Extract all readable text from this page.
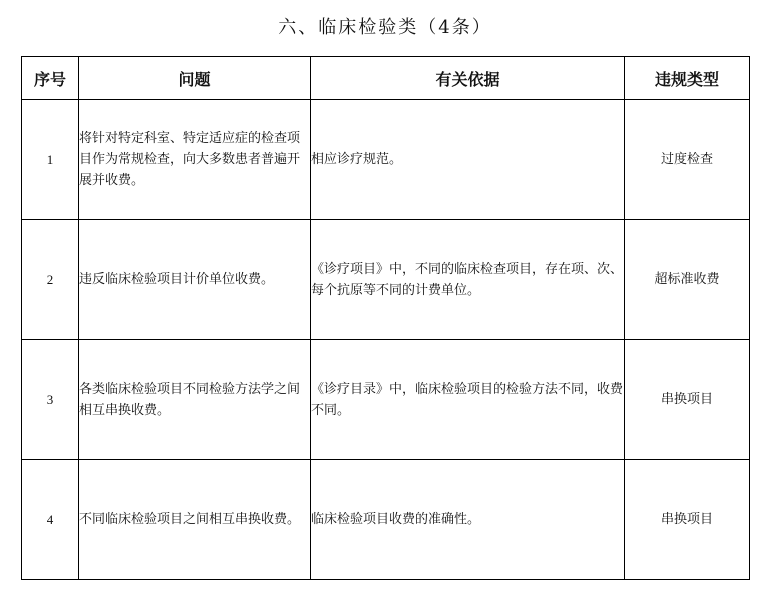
六、临床检验类（4条）
序号	问题	有关依据	违规类型
1	将针对特定科室、特定适应症的检查项目作为常规检查，向大多数患者普遍开展并收费。	相应诊疗规范。	过度检查
2	违反临床检验项目计价单位收费。	《诊疗项目》中，不同的临床检查项目，存在项、次、每个抗原等不同的计费单位。	超标准收费
3	各类临床检验项目不同检验方法学之间相互串换收费。	《诊疗目录》中，临床检验项目的检验方法不同，收费不同。	串换项目
4	不同临床检验项目之间相互串换收费。	临床检验项目收费的准确性。	串换项目
